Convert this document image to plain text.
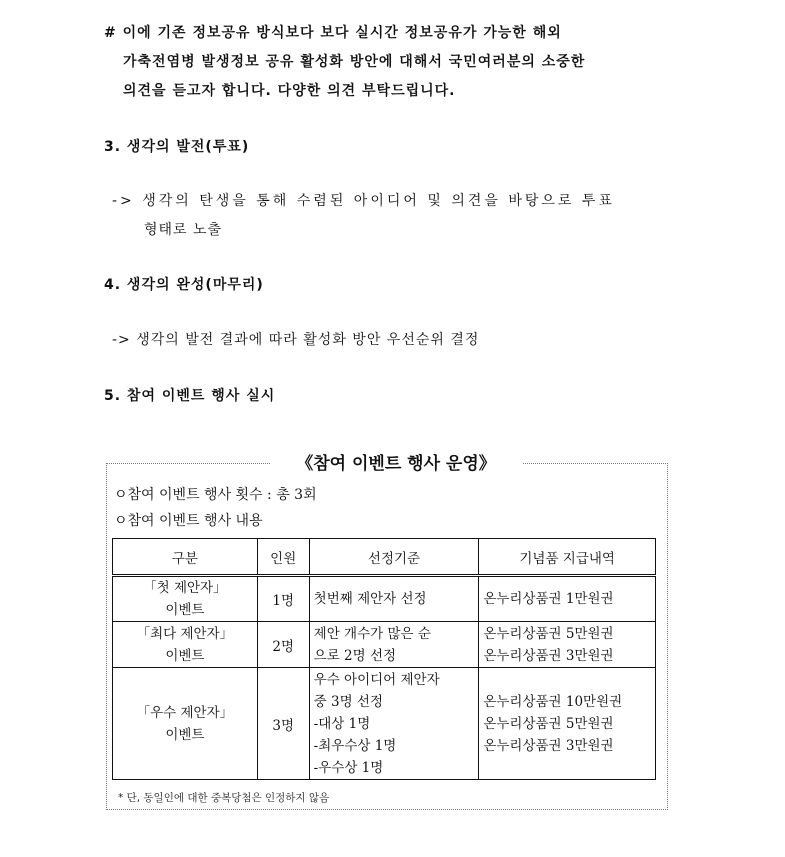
# 이에 기존 정보공유 방식보다 보다 실시간 정보공유가 가능한 해외
가축전염병 발생정보 공유 활성화 방안에 대해서 국민여러분의 소중한
의견을 듣고자 합니다. 다양한 의견 부탁드립니다.
3. 생각의 발전(투표)
-> 생각의 탄생을 통해 수렴된 아이디어 및 의견을 바탕으로 투표
형태로 노출
4. 생각의 완성(마무리)
-> 생각의 발전 결과에 따라 활성화 방안 우선순위 결정
5. 참여 이벤트 행사 실시
《참여 이벤트 행사 운영》
ㅇ참여 이벤트 행사 횟수 : 총 3회
ㅇ참여 이벤트 행사 내용
구분	인원	선정기준	기념품 지급내역

「첫 제안자」
이벤트	1명	첫번째 제안자 선정	온누리상품권 1만원권

「최다 제안자」
이벤트	2명	제안 개수가 많은 순
으로 2명 선정	온누리상품권 5만원권
온누리상품권 3만원권

「우수 제안자」
이벤트	3명	우수 아이디어 제안자
중 3명 선정
-대상 1명
-최우수상 1명
-우수상 1명	온누리상품권 10만원권
온누리상품권 5만원권
온누리상품권 3만원권
* 단, 동일인에 대한 중복당첨은 인정하지 않음
